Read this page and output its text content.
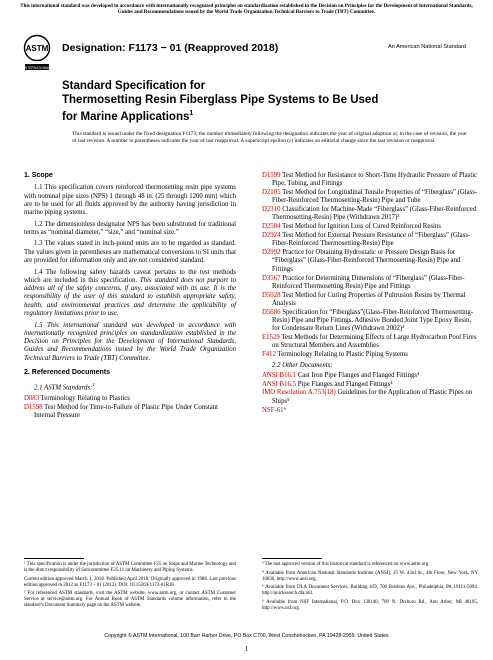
This international standard was developed in accordance with internationally recognized principles on standardization established in the Decision on Principles for the Development of International Standards, Guides and Recommendations issued by the World Trade Organization Technical Barriers to Trade (TBT) Committee.
ASTM
INTERNATIONAL
Designation: F1173 − 01 (Reapproved 2018)	An American National Standard
Standard Specification for
Thermosetting Resin Fiberglass Pipe Systems to Be Used
for Marine Applications$^1$
This standard is issued under the fixed designation F1173; the number immediately following the designation indicates the year of original adoption or, in the case of revision, the year of last revision. A number in parentheses indicates the year of last reapproval. A superscript epsilon (ε) indicates an editorial change since the last revision or reapproval.
1. Scope

1.1 This specification covers reinforced thermosetting resin pipe systems with nominal pipe sizes (NPS) 1 through 48 in. (25 through 1200 mm) which are to be used for all fluids approved by the authority having jurisdiction in marine piping systems.

1.2 The dimensionless designator NPS has been substituted for traditional terms as “nominal diameter,” “size,” and “nominal size.”

1.3 The values stated in inch-pound units are to be regarded as standard. The values given in parentheses are mathematical conversions to SI units that are provided for information only and are not considered standard.

1.4 The following safety hazards caveat pertains to the test methods which are included in this specification. This standard does not purport to address all of the safety concerns, if any, associated with its use. It is the responsibility of the user of this standard to establish appropriate safety, health, and environmental practices and determine the applicability of regulatory limitations prior to use.

1.5 This international standard was developed in accordance with internationally recognized principles on standardization established in the Decision on Principles for the Development of International Standards, Guides and Recommendations issued by the World Trade Organization Technical Barriers to Trade (TBT) Committee.

2. Referenced Documents
2.1 ASTM Standards:$^2$
D883 Terminology Relating to Plastics
D1598 Test Method for Time-to-Failure of Plastic Pipe Under Constant Internal Pressure
D1599 Test Method for Resistance to Short-Time Hydraulic Pressure of Plastic Pipe, Tubing, and Fittings
D2105 Test Method for Longitudinal Tensile Properties of “Fiberglass” (Glass-Fiber-Reinforced Thermosetting-Resin) Pipe and Tube
D2310 Classification for Machine-Made “Fiberglass” (Glass-Fiber-Reinforced Thermosetting-Resin) Pipe (Withdrawn 2017)³
D2584 Test Method for Ignition Loss of Cured Reinforced Resins
D2924 Test Method for External Pressure Resistance of “Fiberglass” (Glass-Fiber-Reinforced Thermosetting-Resin) Pipe
D2992 Practice for Obtaining Hydrostatic or Pressure Design Basis for “Fiberglass” (Glass-Fiber-Reinforced Thermosetting-Resin) Pipe and Fittings
D3567 Practice for Determining Dimensions of “Fiberglass” (Glass-Fiber-Reinforced Thermosetting Resin) Pipe and Fittings
D5028 Test Method for Curing Properties of Pultrusion Resins by Thermal Analysis
D5686 Specification for “Fiberglass”(Glass-Fiber-Reinforced Thermosetting-Resin) Pipe and Pipe Fittings, Adhesive Bonded Joint Type Epoxy Resin, for Condensate Return Lines (Withdrawn 2002)³
E1529 Test Methods for Determining Effects of Large Hydrocarbon Pool Fires on Structural Members and Assemblies
F412 Terminology Relating to Plastic Piping Systems
2.2 Other Documents:
ANSI B16.1 Cast Iron Pipe Flanges and Flanged Fittings⁴
ANSI B16.5 Pipe Flanges and Flanged Fittings⁴
IMO Resolution A.753(18) Guidelines for the Application of Plastic Pipes on Ships⁵
NSF-61⁶

¹ This specification is under the jurisdiction of ASTM Committee F25 on Ships and Marine Technology and is the direct responsibility of Subcommittee F25.11 on Machinery and Piping Systems.

Current edition approved March 1, 2018. Published April 2018. Originally approved in 1988. Last previous edition approved in 2012 as F1173 – 01 (2012). DOI: 10.1520/F1173-01R18.

² For referenced ASTM standards, visit the ASTM website, www.astm.org, or contact ASTM Customer Service at service@astm.org. For Annual Book of ASTM Standards volume information, refer to the standard’s Document Summary page on the ASTM website.

³ The last approved version of this historical standard is referenced on www.astm.org.

⁴ Available from American National Standards Institute (ANSI), 25 W. 43rd St., 4th Floor, New York, NY 10036, http://www.ansi.org.

⁵ Available from DLA Document Services, Building 4/D, 700 Robbins Ave., Philadelphia, PA 19111-5094, http://quicksearch.dla.mil.

⁶ Available from NSF International, P.O. Box 130140, 789 N. Dixboro Rd., Ann Arbor, MI 48105, http://www.nsf.org.

Copyright © ASTM International, 100 Barr Harbor Drive, PO Box C700, West Conshohocken, PA 19428-2959. United States
1
